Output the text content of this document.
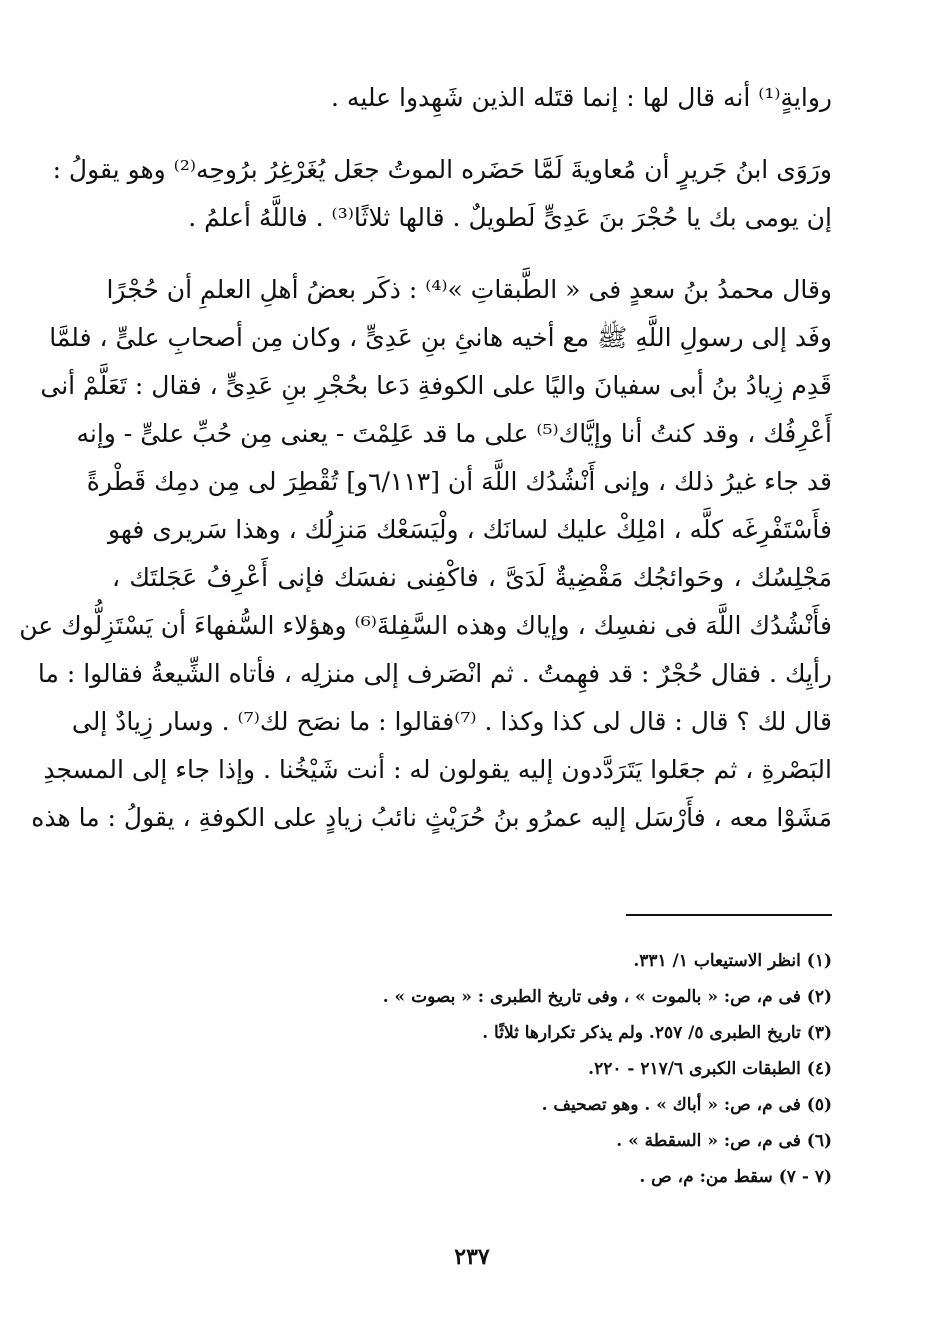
روايةٍ⁽¹⁾ أنه قال لها : إنما قتَله الذين شَهِدوا عليه .
ورَوَى ابنُ جَريرٍ أن مُعاويةَ لَمَّا حَضَره الموتُ جعَل يُغَرْغِرُ برُوحِه⁽²⁾ وهو يقولُ :
إن يومى بك يا حُجْرَ بنَ عَدِىٍّ لَطويلٌ . قالها ثلاثًا⁽³⁾ . فاللَّهُ أعلمُ .
وقال محمدُ بنُ سعدٍ فى « الطَّبقاتِ »⁽⁴⁾ : ذكَر بعضُ أهلِ العلمِ أن حُجْرًا
وفَد إلى رسولِ اللَّهِ ﷺ مع أخيه هانئِ بنِ عَدِىٍّ ، وكان مِن أصحابِ علىٍّ ، فلمَّا
قَدِم زِيادُ بنُ أبى سفيانَ واليًا على الكوفةِ دَعا بحُجْرِ بنِ عَدِىٍّ ، فقال : تَعَلَّمْ أنى
أَعْرِفُك ، وقد كنتُ أنا وإيَّاك⁽⁵⁾ على ما قد عَلِمْتَ - يعنى مِن حُبِّ علىٍّ - وإنه
قد جاء غيرُ ذلك ، وإنى أَنْشُدُك اللَّهَ أن [٦/١١٣و] تُقْطِرَ لى مِن دمِك قَطْرةً
فأَسْتَفْرِغَه كلَّه ، امْلِكْ عليك لسانَك ، ولْيَسَعْك مَنزِلُك ، وهذا سَريرى فهو
مَجْلِسُك ، وحَوائجُك مَقْضِيةٌ لَدَىَّ ، فاكْفِنى نفسَك فإنى أَعْرِفُ عَجَلتَك ،
فأَنْشُدُك اللَّهَ فى نفسِك ، وإياك وهذه السَّفِلةَ⁽⁶⁾ وهؤلاء السُّفهاءَ أن يَسْتَزِلُّوك عن
رأيِك . فقال حُجْرٌ : قد فهِمتُ . ثم انْصَرف إلى منزلِه ، فأتاه الشِّيعةُ فقالوا : ما
قال لك ؟ قال : قال لى كذا وكذا . ⁽⁷⁾فقالوا : ما نصَح لك⁽⁷⁾ . وسار زِيادٌ إلى
البَصْرةِ ، ثم جعَلوا يَتَرَدَّدون إليه يقولون له : أنت شَيْخُنا . وإذا جاء إلى المسجدِ
مَشَوْا معه ، فأَرْسَل إليه عمرُو بنُ حُرَيْثٍ نائبُ زيادٍ على الكوفةِ ، يقولُ : ما هذه
(١) انظر الاستيعاب ١/ ٣٣١.
(٢) فى م، ص: « بالموت » ، وفى تاريخ الطبرى : « بصوت » .
(٣) تاريخ الطبرى ٥/ ٢٥٧. ولم يذكر تكرارها ثلاثًا .
(٤) الطبقات الكبرى ٢١٧/٦ - ٢٢٠.
(٥) فى م، ص: « أباك » . وهو تصحيف .
(٦) فى م، ص: « السقطة » .
(٧ - ٧) سقط من: م، ص .
٢٣٧
